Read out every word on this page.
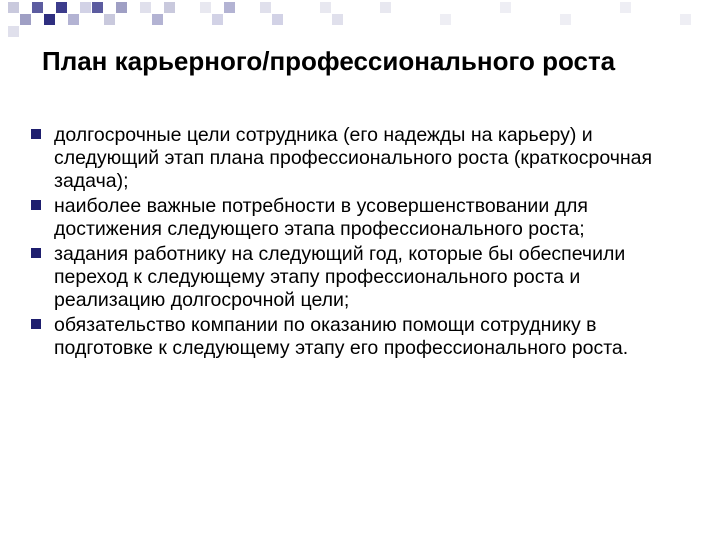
План карьерного/профессионального роста
долгосрочные цели сотрудника (его надежды на карьеру) и следующий этап плана профессионального роста (краткосрочная задача);
наиболее важные потребности в усовершенствовании для достижения следующего этапа профессионального роста;
задания работнику на следующий год, которые бы обеспечили переход к следующему этапу профессионального роста и реализацию долгосрочной цели;
обязательство компании по оказанию помощи сотруднику в подготовке к следующему этапу его профессионального роста.
